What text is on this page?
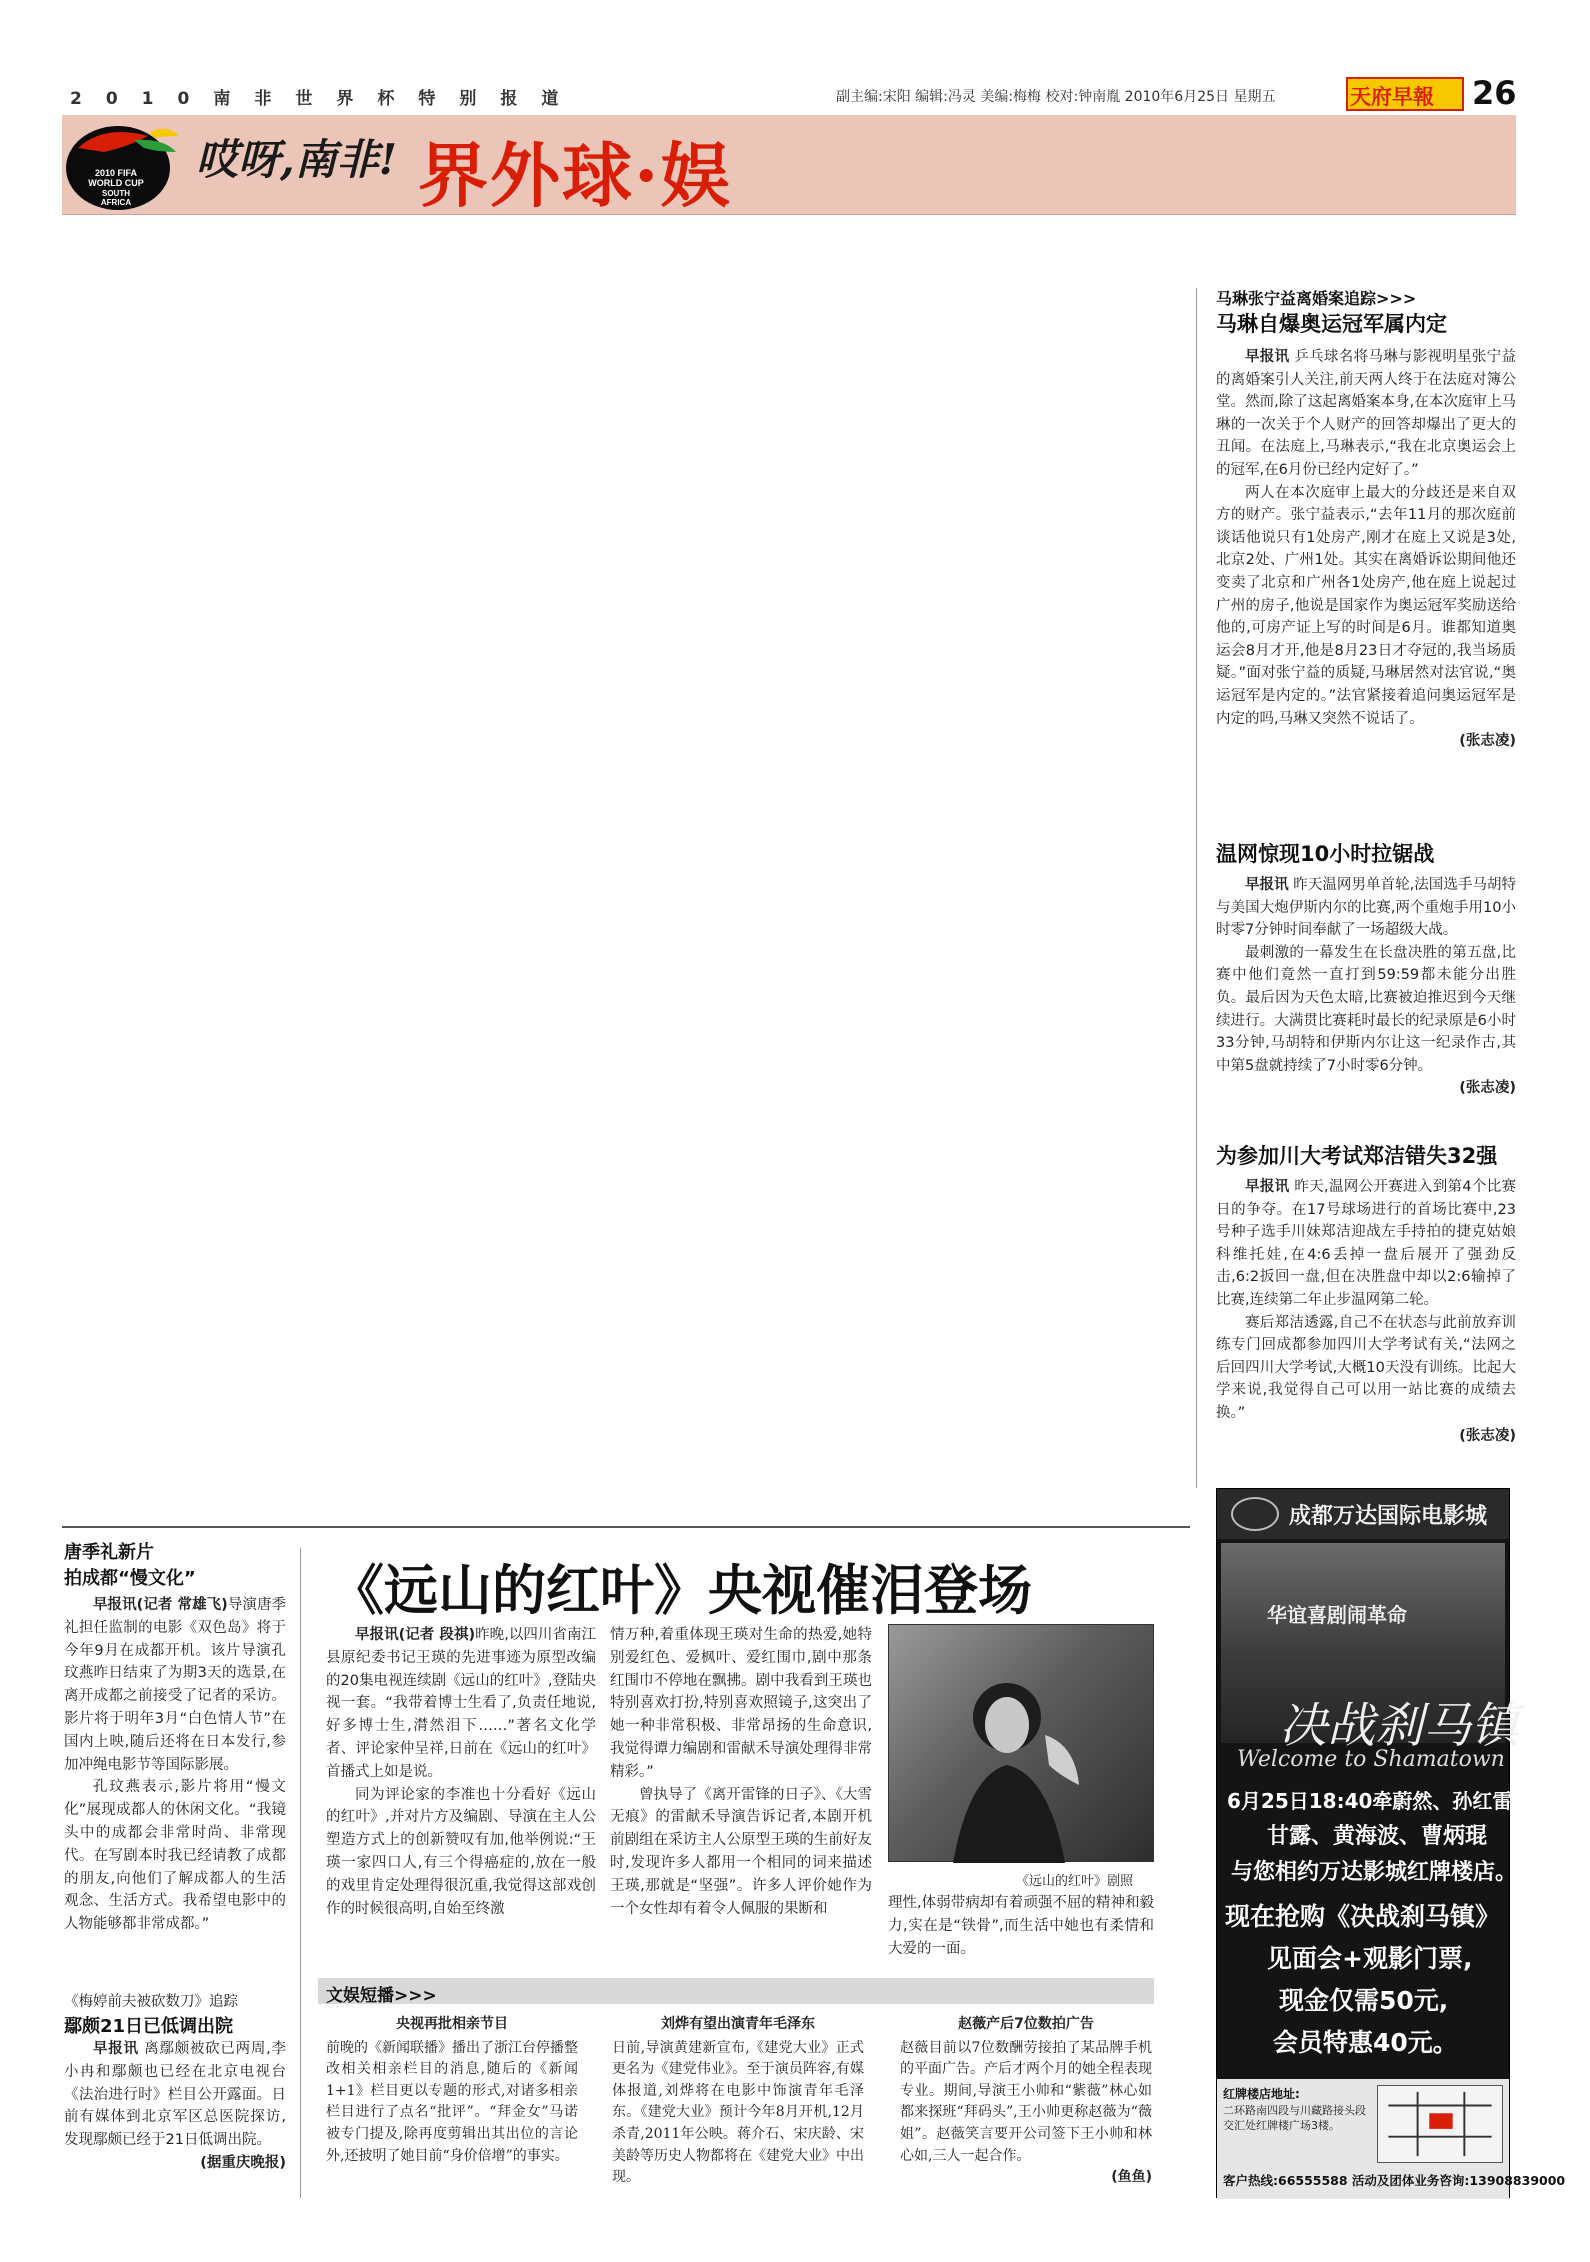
2010南非世界杯特别报道	副主编:宋阳 编辑:冯灵 美编:梅梅 校对:钟南胤 2010年6月25日 星期五	天府早報 26
2010 FIFA
WORLD CUP
SOUTH
AFRICA
哎呀,南非! 界外球·娱
马琳张宁益离婚案追踪>>>
马琳自爆奥运冠军属内定

早报讯 乒乓球名将马琳与影视明星张宁益的离婚案引人关注,前天两人终于在法庭对簿公堂。然而,除了这起离婚案本身,在本次庭审上马琳的一次关于个人财产的回答却爆出了更大的丑闻。在法庭上,马琳表示,“我在北京奥运会上的冠军,在6月份已经内定好了。”

两人在本次庭审上最大的分歧还是来自双方的财产。张宁益表示,“去年11月的那次庭前谈话他说只有1处房产,刚才在庭上又说是3处,北京2处、广州1处。其实在离婚诉讼期间他还变卖了北京和广州各1处房产,他在庭上说起过广州的房子,他说是国家作为奥运冠军奖励送给他的,可房产证上写的时间是6月。谁都知道奥运会8月才开,他是8月23日才夺冠的,我当场质疑。”面对张宁益的质疑,马琳居然对法官说,“奥运冠军是内定的。”法官紧接着追问奥运冠军是内定的吗,马琳又突然不说话了。
(张志凌)

温网惊现10小时拉锯战

早报讯 昨天温网男单首轮,法国选手马胡特与美国大炮伊斯内尔的比赛,两个重炮手用10小时零7分钟时间奉献了一场超级大战。

最刺激的一幕发生在长盘决胜的第五盘,比赛中他们竟然一直打到59:59都未能分出胜负。最后因为天色太暗,比赛被迫推迟到今天继续进行。大满贯比赛耗时最长的纪录原是6小时33分钟,马胡特和伊斯内尔让这一纪录作古,其中第5盘就持续了7小时零6分钟。
(张志凌)

为参加川大考试郑洁错失32强

早报讯 昨天,温网公开赛进入到第4个比赛日的争夺。在17号球场进行的首场比赛中,23号种子选手川妹郑洁迎战左手持拍的捷克姑娘科维托娃,在4:6丢掉一盘后展开了强劲反击,6:2扳回一盘,但在决胜盘中却以2:6输掉了比赛,连续第二年止步温网第二轮。

赛后郑洁透露,自己不在状态与此前放弃训练专门回成都参加四川大学考试有关,“法网之后回四川大学考试,大概10天没有训练。比起大学来说,我觉得自己可以用一站比赛的成绩去换。”
(张志凌)

成都万达国际电影城
华谊喜剧闹革命
决战刹马镇
Welcome to Shamatown
6月25日18:40牵蔚然、孙红雷、
甘露、黄海波、曹炳琨
与您相约万达影城红牌楼店。
现在抢购《决战刹马镇》
见面会+观影门票,
现金仅需50元,
会员特惠40元。
红牌楼店地址:
二环路南四段与川藏路接头段交汇处红牌楼广场3楼。
客户热线:66555588 活动及团体业务咨询:13908839000
唐季礼新片
拍成都“慢文化”

早报讯(记者 常雄飞)导演唐季礼担任监制的电影《双色岛》将于今年9月在成都开机。该片导演孔玟燕昨日结束了为期3天的选景,在离开成都之前接受了记者的采访。影片将于明年3月“白色情人节”在国内上映,随后还将在日本发行,参加冲绳电影节等国际影展。

孔玟燕表示,影片将用“慢文化”展现成都人的休闲文化。“我镜头中的成都会非常时尚、非常现代。在写剧本时我已经请教了成都的朋友,向他们了解成都人的生活观念、生活方式。我希望电影中的人物能够都非常成都。”

《梅婷前夫被砍数刀》追踪
鄢颇21日已低调出院

早报讯 离鄢颇被砍已两周,李小冉和鄢颇也已经在北京电视台《法治进行时》栏目公开露面。日前有媒体到北京军区总医院探访,发现鄢颇已经于21日低调出院。
(据重庆晚报)

《远山的红叶》央视催泪登场

早报讯(记者 段祺)昨晚,以四川省南江县原纪委书记王瑛的先进事迹为原型改编的20集电视连续剧《远山的红叶》,登陆央视一套。“我带着博士生看了,负责任地说,好多博士生,潸然泪下……”著名文化学者、评论家仲呈祥,日前在《远山的红叶》首播式上如是说。

同为评论家的李准也十分看好《远山的红叶》,并对片方及编剧、导演在主人公塑造方式上的创新赞叹有加,他举例说:“王瑛一家四口人,有三个得癌症的,放在一般的戏里肯定处理得很沉重,我觉得这部戏创作的时候很高明,自始至终激

情万种,着重体现王瑛对生命的热爱,她特别爱红色、爱枫叶、爱红围巾,剧中那条红围巾不停地在飘拂。剧中我看到王瑛也特别喜欢打扮,特别喜欢照镜子,这突出了她一种非常积极、非常昂扬的生命意识,我觉得谭力编剧和雷献禾导演处理得非常精彩。”

曾执导了《离开雷锋的日子》、《大雪无痕》的雷献禾导演告诉记者,本剧开机前剧组在采访主人公原型王瑛的生前好友时,发现许多人都用一个相同的词来描述王瑛,那就是“坚强”。许多人评价她作为一个女性却有着令人佩服的果断和

《远山的红叶》剧照

理性,体弱带病却有着顽强不屈的精神和毅力,实在是“铁骨”,而生活中她也有柔情和大爱的一面。

文娱短播>>>
央视再批相亲节目
前晚的《新闻联播》播出了浙江台停播整改相关相亲栏目的消息,随后的《新闻1+1》栏目更以专题的形式,对诸多相亲栏目进行了点名“批评”。“拜金女”马诺被专门提及,除再度剪辑出其出位的言论外,还披明了她目前“身价倍增”的事实。
刘烨有望出演青年毛泽东
日前,导演黄建新宣布,《建党大业》正式更名为《建党伟业》。至于演员阵容,有媒体报道,刘烨将在电影中饰演青年毛泽东。《建党大业》预计今年8月开机,12月杀青,2011年公映。蒋介石、宋庆龄、宋美龄等历史人物都将在《建党大业》中出现。
赵薇产后7位数拍广告
赵薇目前以7位数酬劳接拍了某品牌手机的平面广告。产后才两个月的她全程表现专业。期间,导演王小帅和“紫薇”林心如都来探班“拜码头”,王小帅更称赵薇为“薇姐”。赵薇笑言要开公司签下王小帅和林心如,三人一起合作。
(鱼鱼)
